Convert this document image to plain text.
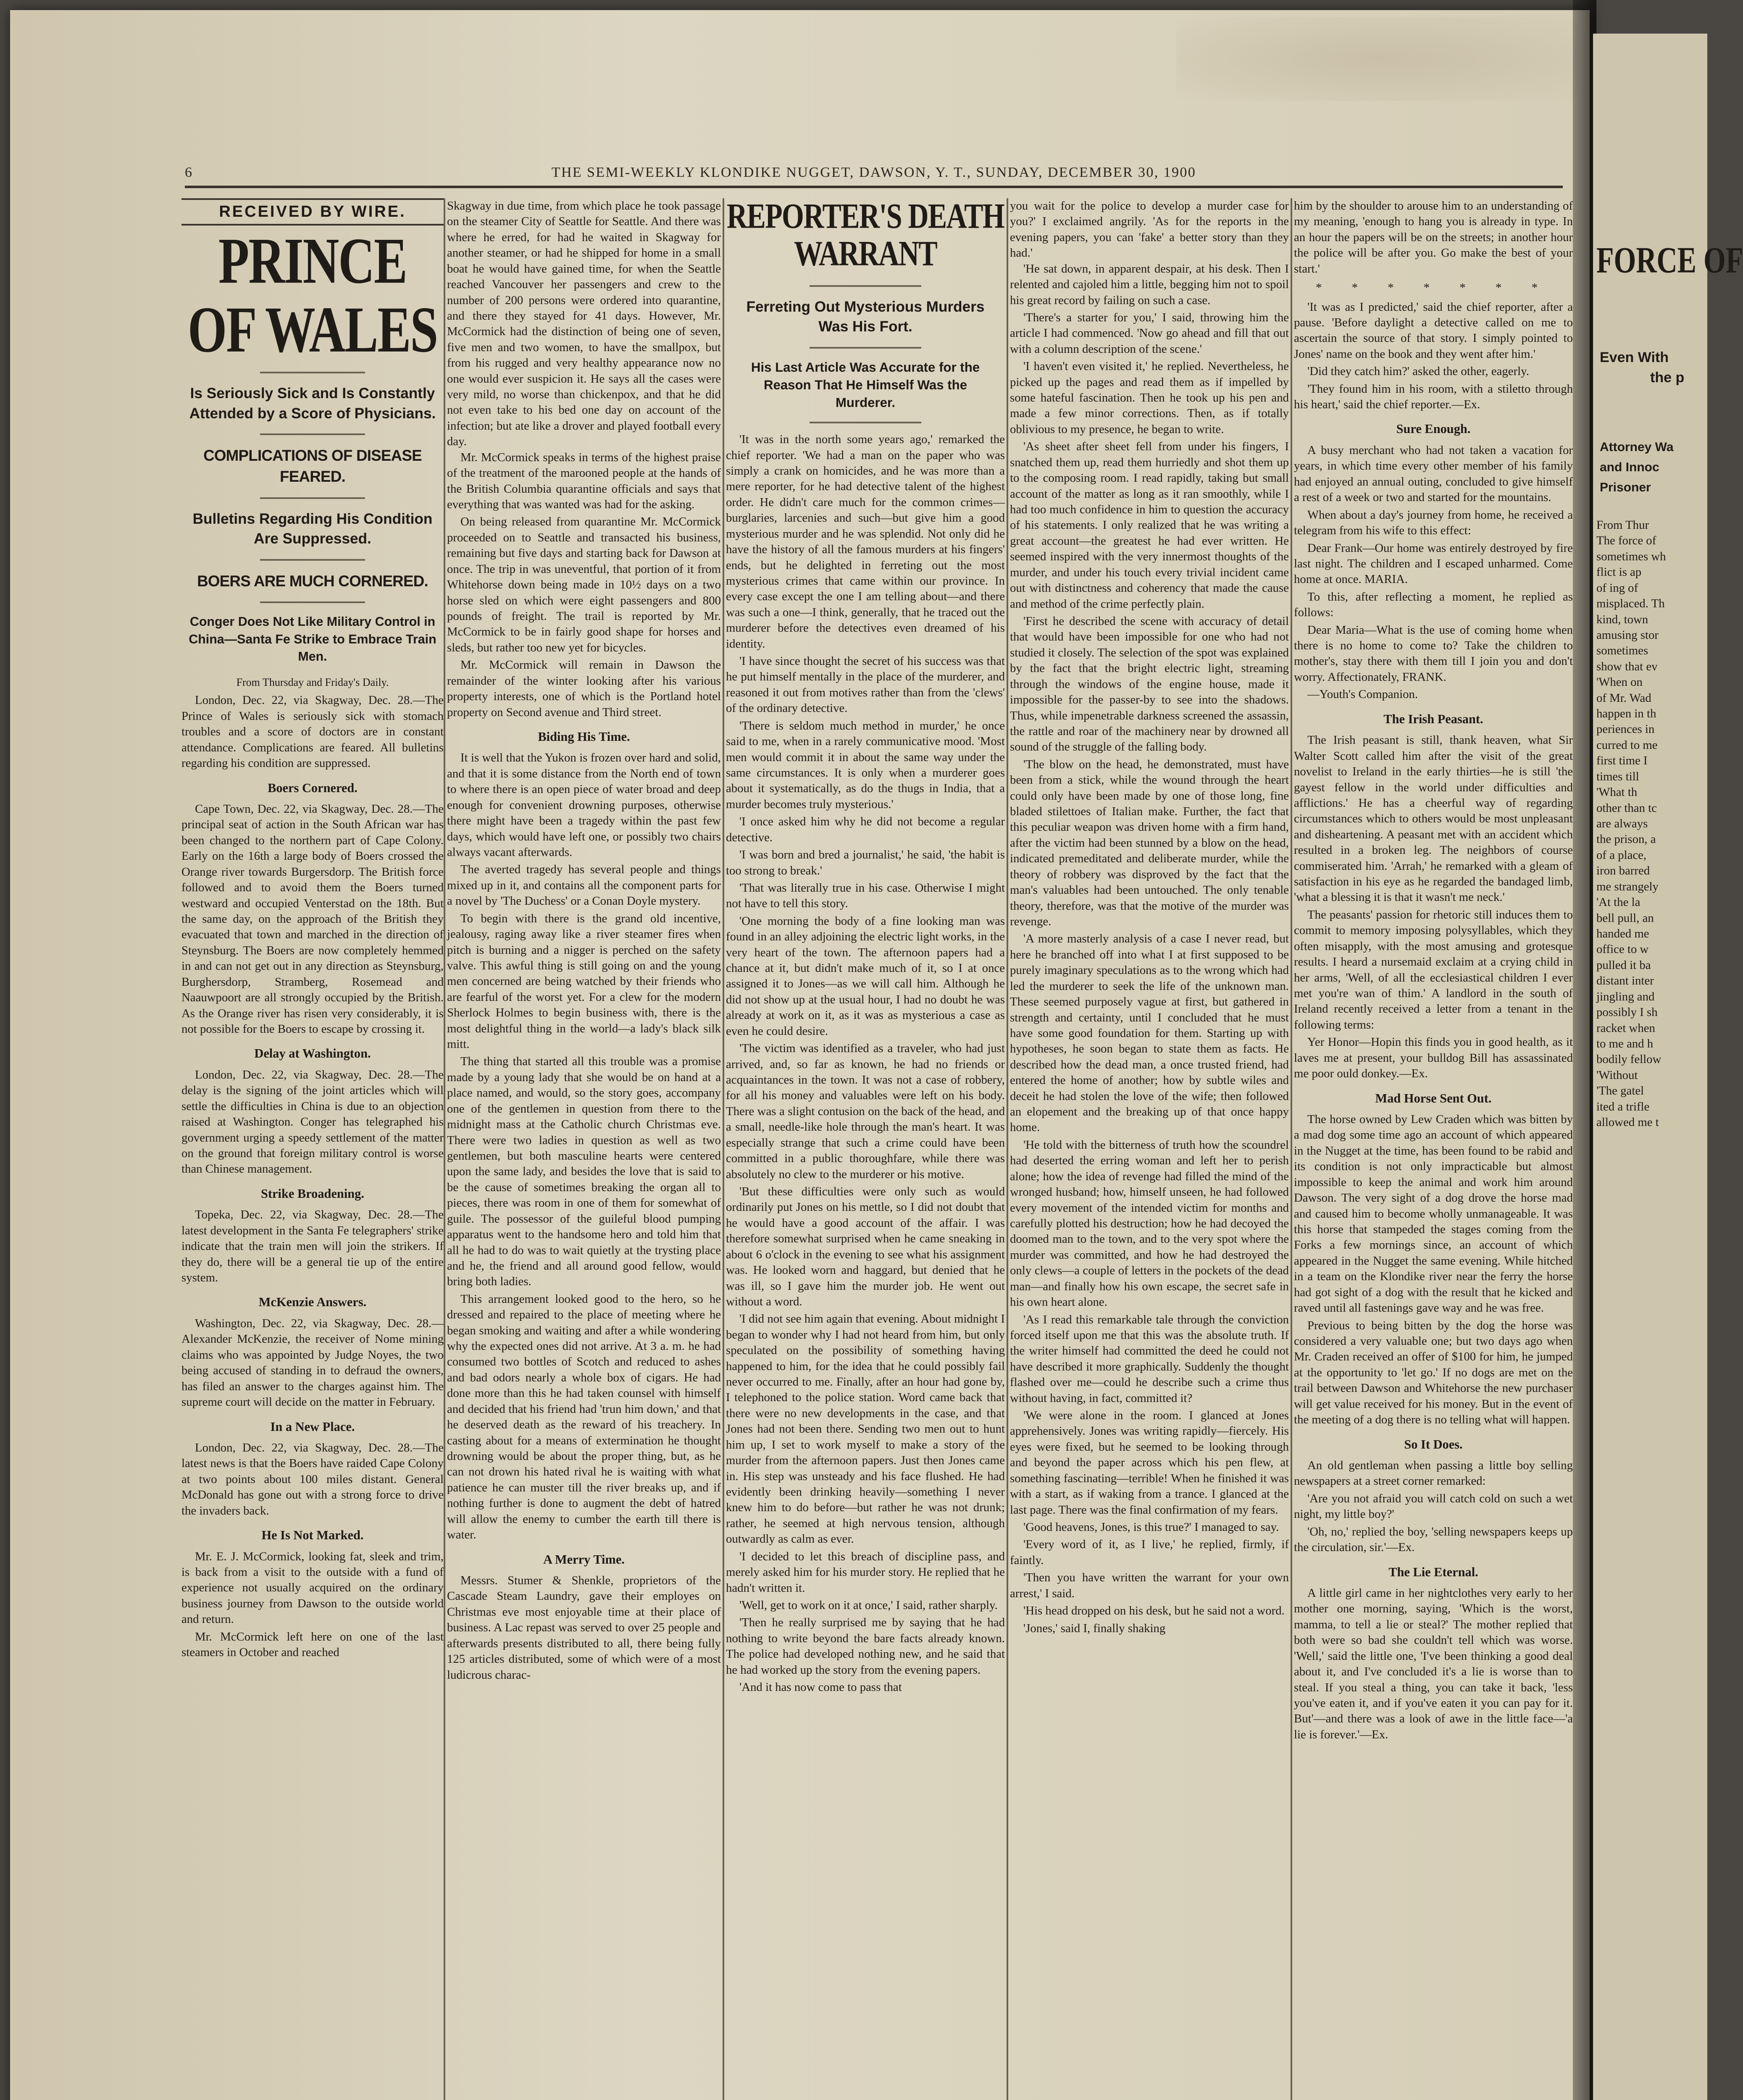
6	THE SEMI-WEEKLY KLONDIKE NUGGET, DAWSON, Y. T., SUNDAY, DECEMBER 30, 1900
RECEIVED BY WIRE.
PRINCE OF WALES
Is Seriously Sick and Is Constantly Attended by a Score of Physicians.
COMPLICATIONS OF DISEASE FEARED.
Bulletins Regarding His Condition Are Suppressed.
BOERS ARE MUCH CORNERED.
Conger Does Not Like Military Control in China—Santa Fe Strike to Embrace Train Men.
From Thursday and Friday's Daily.

London, Dec. 22, via Skagway, Dec. 28.—The Prince of Wales is seriously sick with stomach troubles and a score of doctors are in constant attendance. Complications are feared. All bulletins regarding his condition are suppressed.

Boers Cornered.

Cape Town, Dec. 22, via Skagway, Dec. 28.—The principal seat of action in the South African war has been changed to the northern part of Cape Colony. Early on the 16th a large body of Boers crossed the Orange river towards Burgersdorp. The British force followed and to avoid them the Boers turned westward and occupied Venterstad on the 18th. But the same day, on the approach of the British they evacuated that town and marched in the direction of Steynsburg. The Boers are now completely hemmed in and can not get out in any direction as Steynsburg, Burghersdorp, Stramberg, Rosemead and Naauwpoort are all strongly occupied by the British. As the Orange river has risen very considerably, it is not possible for the Boers to escape by crossing it.

Delay at Washington.

London, Dec. 22, via Skagway, Dec. 28.—The delay is the signing of the joint articles which will settle the difficulties in China is due to an objection raised at Washington. Conger has telegraphed his government urging a speedy settlement of the matter on the ground that foreign military control is worse than Chinese management.

Strike Broadening.

Topeka, Dec. 22, via Skagway, Dec. 28.—The latest development in the Santa Fe telegraphers' strike indicate that the train men will join the strikers. If they do, there will be a general tie up of the entire system.

McKenzie Answers.

Washington, Dec. 22, via Skagway, Dec. 28.—Alexander McKenzie, the receiver of Nome mining claims who was appointed by Judge Noyes, the two being accused of standing in to defraud the owners, has filed an answer to the charges against him. The supreme court will decide on the matter in February.

In a New Place.

London, Dec. 22, via Skagway, Dec. 28.—The latest news is that the Boers have raided Cape Colony at two points about 100 miles distant. General McDonald has gone out with a strong force to drive the invaders back.

He Is Not Marked.

Mr. E. J. McCormick, looking fat, sleek and trim, is back from a visit to the outside with a fund of experience not usually acquired on the ordinary business journey from Dawson to the outside world and return.

Mr. McCormick left here on one of the last steamers in October and reached

Skagway in due time, from which place he took passage on the steamer City of Seattle for Seattle. And there was where he erred, for had he waited in Skagway for another steamer, or had he shipped for home in a small boat he would have gained time, for when the Seattle reached Vancouver her passengers and crew to the number of 200 persons were ordered into quarantine, and there they stayed for 41 days. However, Mr. McCormick had the distinction of being one of seven, five men and two women, to have the smallpox, but from his rugged and very healthy appearance now no one would ever suspicion it. He says all the cases were very mild, no worse than chickenpox, and that he did not even take to his bed one day on account of the infection; but ate like a drover and played football every day.

Mr. McCormick speaks in terms of the highest praise of the treatment of the marooned people at the hands of the British Columbia quarantine officials and says that everything that was wanted was had for the asking.

On being released from quarantine Mr. McCormick proceeded on to Seattle and transacted his business, remaining but five days and starting back for Dawson at once. The trip in was uneventful, that portion of it from Whitehorse down being made in 10½ days on a two horse sled on which were eight passengers and 800 pounds of freight. The trail is reported by Mr. McCormick to be in fairly good shape for horses and sleds, but rather too new yet for bicycles.

Mr. McCormick will remain in Dawson the remainder of the winter looking after his various property interests, one of which is the Portland hotel property on Second avenue and Third street.

Biding His Time.

It is well that the Yukon is frozen over hard and solid, and that it is some distance from the North end of town to where there is an open piece of water broad and deep enough for convenient drowning purposes, otherwise there might have been a tragedy within the past few days, which would have left one, or possibly two chairs always vacant afterwards.

The averted tragedy has several people and things mixed up in it, and contains all the component parts for a novel by 'The Duchess' or a Conan Doyle mystery.

To begin with there is the grand old incentive, jealousy, raging away like a river steamer fires when pitch is burning and a nigger is perched on the safety valve. This awful thing is still going on and the young men concerned are being watched by their friends who are fearful of the worst yet. For a clew for the modern Sherlock Holmes to begin business with, there is the most delightful thing in the world—a lady's black silk mitt.

The thing that started all this trouble was a promise made by a young lady that she would be on hand at a place named, and would, so the story goes, accompany one of the gentlemen in question from there to the midnight mass at the Catholic church Christmas eve. There were two ladies in question as well as two gentlemen, but both masculine hearts were centered upon the same lady, and besides the love that is said to be the cause of sometimes breaking the organ all to pieces, there was room in one of them for somewhat of guile. The possessor of the guileful blood pumping apparatus went to the handsome hero and told him that all he had to do was to wait quietly at the trysting place and he, the friend and all around good fellow, would bring both ladies.

This arrangement looked good to the hero, so he dressed and repaired to the place of meeting where he began smoking and waiting and after a while wondering why the expected ones did not arrive. At 3 a. m. he had consumed two bottles of Scotch and reduced to ashes and bad odors nearly a whole box of cigars. He had done more than this he had taken counsel with himself and decided that his friend had 'trun him down,' and that he deserved death as the reward of his treachery. In casting about for a means of extermination he thought drowning would be about the proper thing, but, as he can not drown his hated rival he is waiting with what patience he can muster till the river breaks up, and if nothing further is done to augment the debt of hatred will allow the enemy to cumber the earth till there is water.

A Merry Time.

Messrs. Stumer & Shenkle, proprietors of the Cascade Steam Laundry, gave their employes on Christmas eve most enjoyable time at their place of business. A Lac repast was served to over 25 people and afterwards presents distributed to all, there being fully 125 articles distributed, some of which were of a most ludicrous charac-

REPORTER'S DEATH WARRANT
Ferreting Out Mysterious Murders Was His Fort.
His Last Article Was Accurate for the Reason That He Himself Was the Murderer.

'It was in the north some years ago,' remarked the chief reporter. 'We had a man on the paper who was simply a crank on homicides, and he was more than a mere reporter, for he had detective talent of the highest order. He didn't care much for the common crimes—burglaries, larcenies and such—but give him a good mysterious murder and he was splendid. Not only did he have the history of all the famous murders at his fingers' ends, but he delighted in ferreting out the most mysterious crimes that came within our province. In every case except the one I am telling about—and there was such a one—I think, generally, that he traced out the murderer before the detectives even dreamed of his identity.

'I have since thought the secret of his success was that he put himself mentally in the place of the murderer, and reasoned it out from motives rather than from the 'clews' of the ordinary detective.

'There is seldom much method in murder,' he once said to me, when in a rarely communicative mood. 'Most men would commit it in about the same way under the same circumstances. It is only when a murderer goes about it systematically, as do the thugs in India, that a murder becomes truly mysterious.'

'I once asked him why he did not become a regular detective.

'I was born and bred a journalist,' he said, 'the habit is too strong to break.'

'That was literally true in his case. Otherwise I might not have to tell this story.

'One morning the body of a fine looking man was found in an alley adjoining the electric light works, in the very heart of the town. The afternoon papers had a chance at it, but didn't make much of it, so I at once assigned it to Jones—as we will call him. Although he did not show up at the usual hour, I had no doubt he was already at work on it, as it was as mysterious a case as even he could desire.

'The victim was identified as a traveler, who had just arrived, and, so far as known, he had no friends or acquaintances in the town. It was not a case of robbery, for all his money and valuables were left on his body. There was a slight contusion on the back of the head, and a small, needle-like hole through the man's heart. It was especially strange that such a crime could have been committed in a public thoroughfare, while there was absolutely no clew to the murderer or his motive.

'But these difficulties were only such as would ordinarily put Jones on his mettle, so I did not doubt that he would have a good account of the affair. I was therefore somewhat surprised when he came sneaking in about 6 o'clock in the evening to see what his assignment was. He looked worn and haggard, but denied that he was ill, so I gave him the murder job. He went out without a word.

'I did not see him again that evening. About midnight I began to wonder why I had not heard from him, but only speculated on the possibility of something having happened to him, for the idea that he could possibly fail never occurred to me. Finally, after an hour had gone by, I telephoned to the police station. Word came back that there were no new developments in the case, and that Jones had not been there. Sending two men out to hunt him up, I set to work myself to make a story of the murder from the afternoon papers. Just then Jones came in. His step was unsteady and his face flushed. He had evidently been drinking heavily—something I never knew him to do before—but rather he was not drunk; rather, he seemed at high nervous tension, although outwardly as calm as ever.

'I decided to let this breach of discipline pass, and merely asked him for his murder story. He replied that he hadn't written it.

'Well, get to work on it at once,' I said, rather sharply.

'Then he really surprised me by saying that he had nothing to write beyond the bare facts already known. The police had developed nothing new, and he said that he had worked up the story from the evening papers.

'And it has now come to pass that

you wait for the police to develop a murder case for you?' I exclaimed angrily. 'As for the reports in the evening papers, you can 'fake' a better story than they had.'

'He sat down, in apparent despair, at his desk. Then I relented and cajoled him a little, begging him not to spoil his great record by failing on such a case.

'There's a starter for you,' I said, throwing him the article I had commenced. 'Now go ahead and fill that out with a column description of the scene.'

'I haven't even visited it,' he replied. Nevertheless, he picked up the pages and read them as if impelled by some hateful fascination. Then he took up his pen and made a few minor corrections. Then, as if totally oblivious to my presence, he began to write.

'As sheet after sheet fell from under his fingers, I snatched them up, read them hurriedly and shot them up to the composing room. I read rapidly, taking but small account of the matter as long as it ran smoothly, while I had too much confidence in him to question the accuracy of his statements. I only realized that he was writing a great account—the greatest he had ever written. He seemed inspired with the very innermost thoughts of the murder, and under his touch every trivial incident came out with distinctness and coherency that made the cause and method of the crime perfectly plain.

'First he described the scene with accuracy of detail that would have been impossible for one who had not studied it closely. The selection of the spot was explained by the fact that the bright electric light, streaming through the windows of the engine house, made it impossible for the passer-by to see into the shadows. Thus, while impenetrable darkness screened the assassin, the rattle and roar of the machinery near by drowned all sound of the struggle of the falling body.

'The blow on the head, he demonstrated, must have been from a stick, while the wound through the heart could only have been made by one of those long, fine bladed stilettoes of Italian make. Further, the fact that this peculiar weapon was driven home with a firm hand, after the victim had been stunned by a blow on the head, indicated premeditated and deliberate murder, while the theory of robbery was disproved by the fact that the man's valuables had been untouched. The only tenable theory, therefore, was that the motive of the murder was revenge.

'A more masterly analysis of a case I never read, but here he branched off into what I at first supposed to be purely imaginary speculations as to the wrong which had led the murderer to seek the life of the unknown man. These seemed purposely vague at first, but gathered in strength and certainty, until I concluded that he must have some good foundation for them. Starting up with hypotheses, he soon began to state them as facts. He described how the dead man, a once trusted friend, had entered the home of another; how by subtle wiles and deceit he had stolen the love of the wife; then followed an elopement and the breaking up of that once happy home.

'He told with the bitterness of truth how the scoundrel had deserted the erring woman and left her to perish alone; how the idea of revenge had filled the mind of the wronged husband; how, himself unseen, he had followed every movement of the intended victim for months and carefully plotted his destruction; how he had decoyed the doomed man to the town, and to the very spot where the murder was committed, and how he had destroyed the only clews—a couple of letters in the pockets of the dead man—and finally how his own escape, the secret safe in his own heart alone.

'As I read this remarkable tale through the conviction forced itself upon me that this was the absolute truth. If the writer himself had committed the deed he could not have described it more graphically. Suddenly the thought flashed over me—could he describe such a crime thus without having, in fact, committed it?

'We were alone in the room. I glanced at Jones apprehensively. Jones was writing rapidly—fiercely. His eyes were fixed, but he seemed to be looking through and beyond the paper across which his pen flew, at something fascinating—terrible! When he finished it was with a start, as if waking from a trance. I glanced at the last page. There was the final confirmation of my fears.

'Good heavens, Jones, is this true?' I managed to say.

'Every word of it, as I live,' he replied, firmly, if faintly.

'Then you have written the warrant for your own arrest,' I said.

'His head dropped on his desk, but he said not a word.

'Jones,' said I, finally shaking

him by the shoulder to arouse him to an understanding of my meaning, 'enough to hang you is already in type. In an hour the papers will be on the streets; in another hour the police will be after you. Go make the best of your start.'

* * * * * * *

'It was as I predicted,' said the chief reporter, after a pause. 'Before daylight a detective called on me to ascertain the source of that story. I simply pointed to Jones' name on the book and they went after him.'

'Did they catch him?' asked the other, eagerly.

'They found him in his room, with a stiletto through his heart,' said the chief reporter.—Ex.

Sure Enough.

A busy merchant who had not taken a vacation for years, in which time every other member of his family had enjoyed an annual outing, concluded to give himself a rest of a week or two and started for the mountains.

When about a day's journey from home, he received a telegram from his wife to this effect:

Dear Frank—Our home was entirely destroyed by fire last night. The children and I escaped unharmed. Come home at once. MARIA.

To this, after reflecting a moment, he replied as follows:

Dear Maria—What is the use of coming home when there is no home to come to? Take the children to mother's, stay there with them till I join you and don't worry. Affectionately, FRANK.

—Youth's Companion.

The Irish Peasant.

The Irish peasant is still, thank heaven, what Sir Walter Scott called him after the visit of the great novelist to Ireland in the early thirties—he is still 'the gayest fellow in the world under difficulties and afflictions.' He has a cheerful way of regarding circumstances which to others would be most unpleasant and disheartening. A peasant met with an accident which resulted in a broken leg. The neighbors of course commiserated him. 'Arrah,' he remarked with a gleam of satisfaction in his eye as he regarded the bandaged limb, 'what a blessing it is that it wasn't me neck.'

The peasants' passion for rhetoric still induces them to commit to memory imposing polysyllables, which they often misapply, with the most amusing and grotesque results. I heard a nursemaid exclaim at a crying child in her arms, 'Well, of all the ecclesiastical children I ever met you're wan of thim.' A landlord in the south of Ireland recently received a letter from a tenant in the following terms:

Yer Honor—Hopin this finds you in good health, as it laves me at present, your bulldog Bill has assassinated me poor ould donkey.—Ex.

Mad Horse Sent Out.

The horse owned by Lew Craden which was bitten by a mad dog some time ago an account of which appeared in the Nugget at the time, has been found to be rabid and its condition is not only impracticable but almost impossible to keep the animal and work him around Dawson. The very sight of a dog drove the horse mad and caused him to become wholly unmanageable. It was this horse that stampeded the stages coming from the Forks a few mornings since, an account of which appeared in the Nugget the same evening. While hitched in a team on the Klondike river near the ferry the horse had got sight of a dog with the result that he kicked and raved until all fastenings gave way and he was free.

Previous to being bitten by the dog the horse was considered a very valuable one; but two days ago when Mr. Craden received an offer of $100 for him, he jumped at the opportunity to 'let go.' If no dogs are met on the trail between Dawson and Whitehorse the new purchaser will get value received for his money. But in the event of the meeting of a dog there is no telling what will happen.

So It Does.

An old gentleman when passing a little boy selling newspapers at a street corner remarked:

'Are you not afraid you will catch cold on such a wet night, my little boy?'

'Oh, no,' replied the boy, 'selling newspapers keeps up the circulation, sir.'—Ex.

The Lie Eternal.

A little girl came in her nightclothes very early to her mother one morning, saying, 'Which is the worst, mamma, to tell a lie or steal?' The mother replied that both were so bad she couldn't tell which was worse. 'Well,' said the little one, 'I've been thinking a good deal about it, and I've concluded it's a lie is worse than to steal. If you steal a thing, you can take it back, 'less you've eaten it, and if you've eaten it you can pay for it. But'—and there was a look of awe in the little face—'a lie is forever.'—Ex.

FORCE OF
Even With
the p
Attorney Wa
and Innoc
Prisoner
From Thur
The force of
sometimes wh
flict is ap
of ing of
misplaced. Th
kind, town
amusing stor
sometimes
show that ev
'When on
of Mr. Wad
happen in th
periences in
curred to me
first time I
times till
'What th
other than tc
are always
the prison, a
of a place,
iron barred
me strangely
'At the la
bell pull, an
handed me
office to w
pulled it ba
distant inter
jingling and
possibly I sh
racket when
to me and h
bodily fellow
'Without
'The gatel
ited a trifle
allowed me t
